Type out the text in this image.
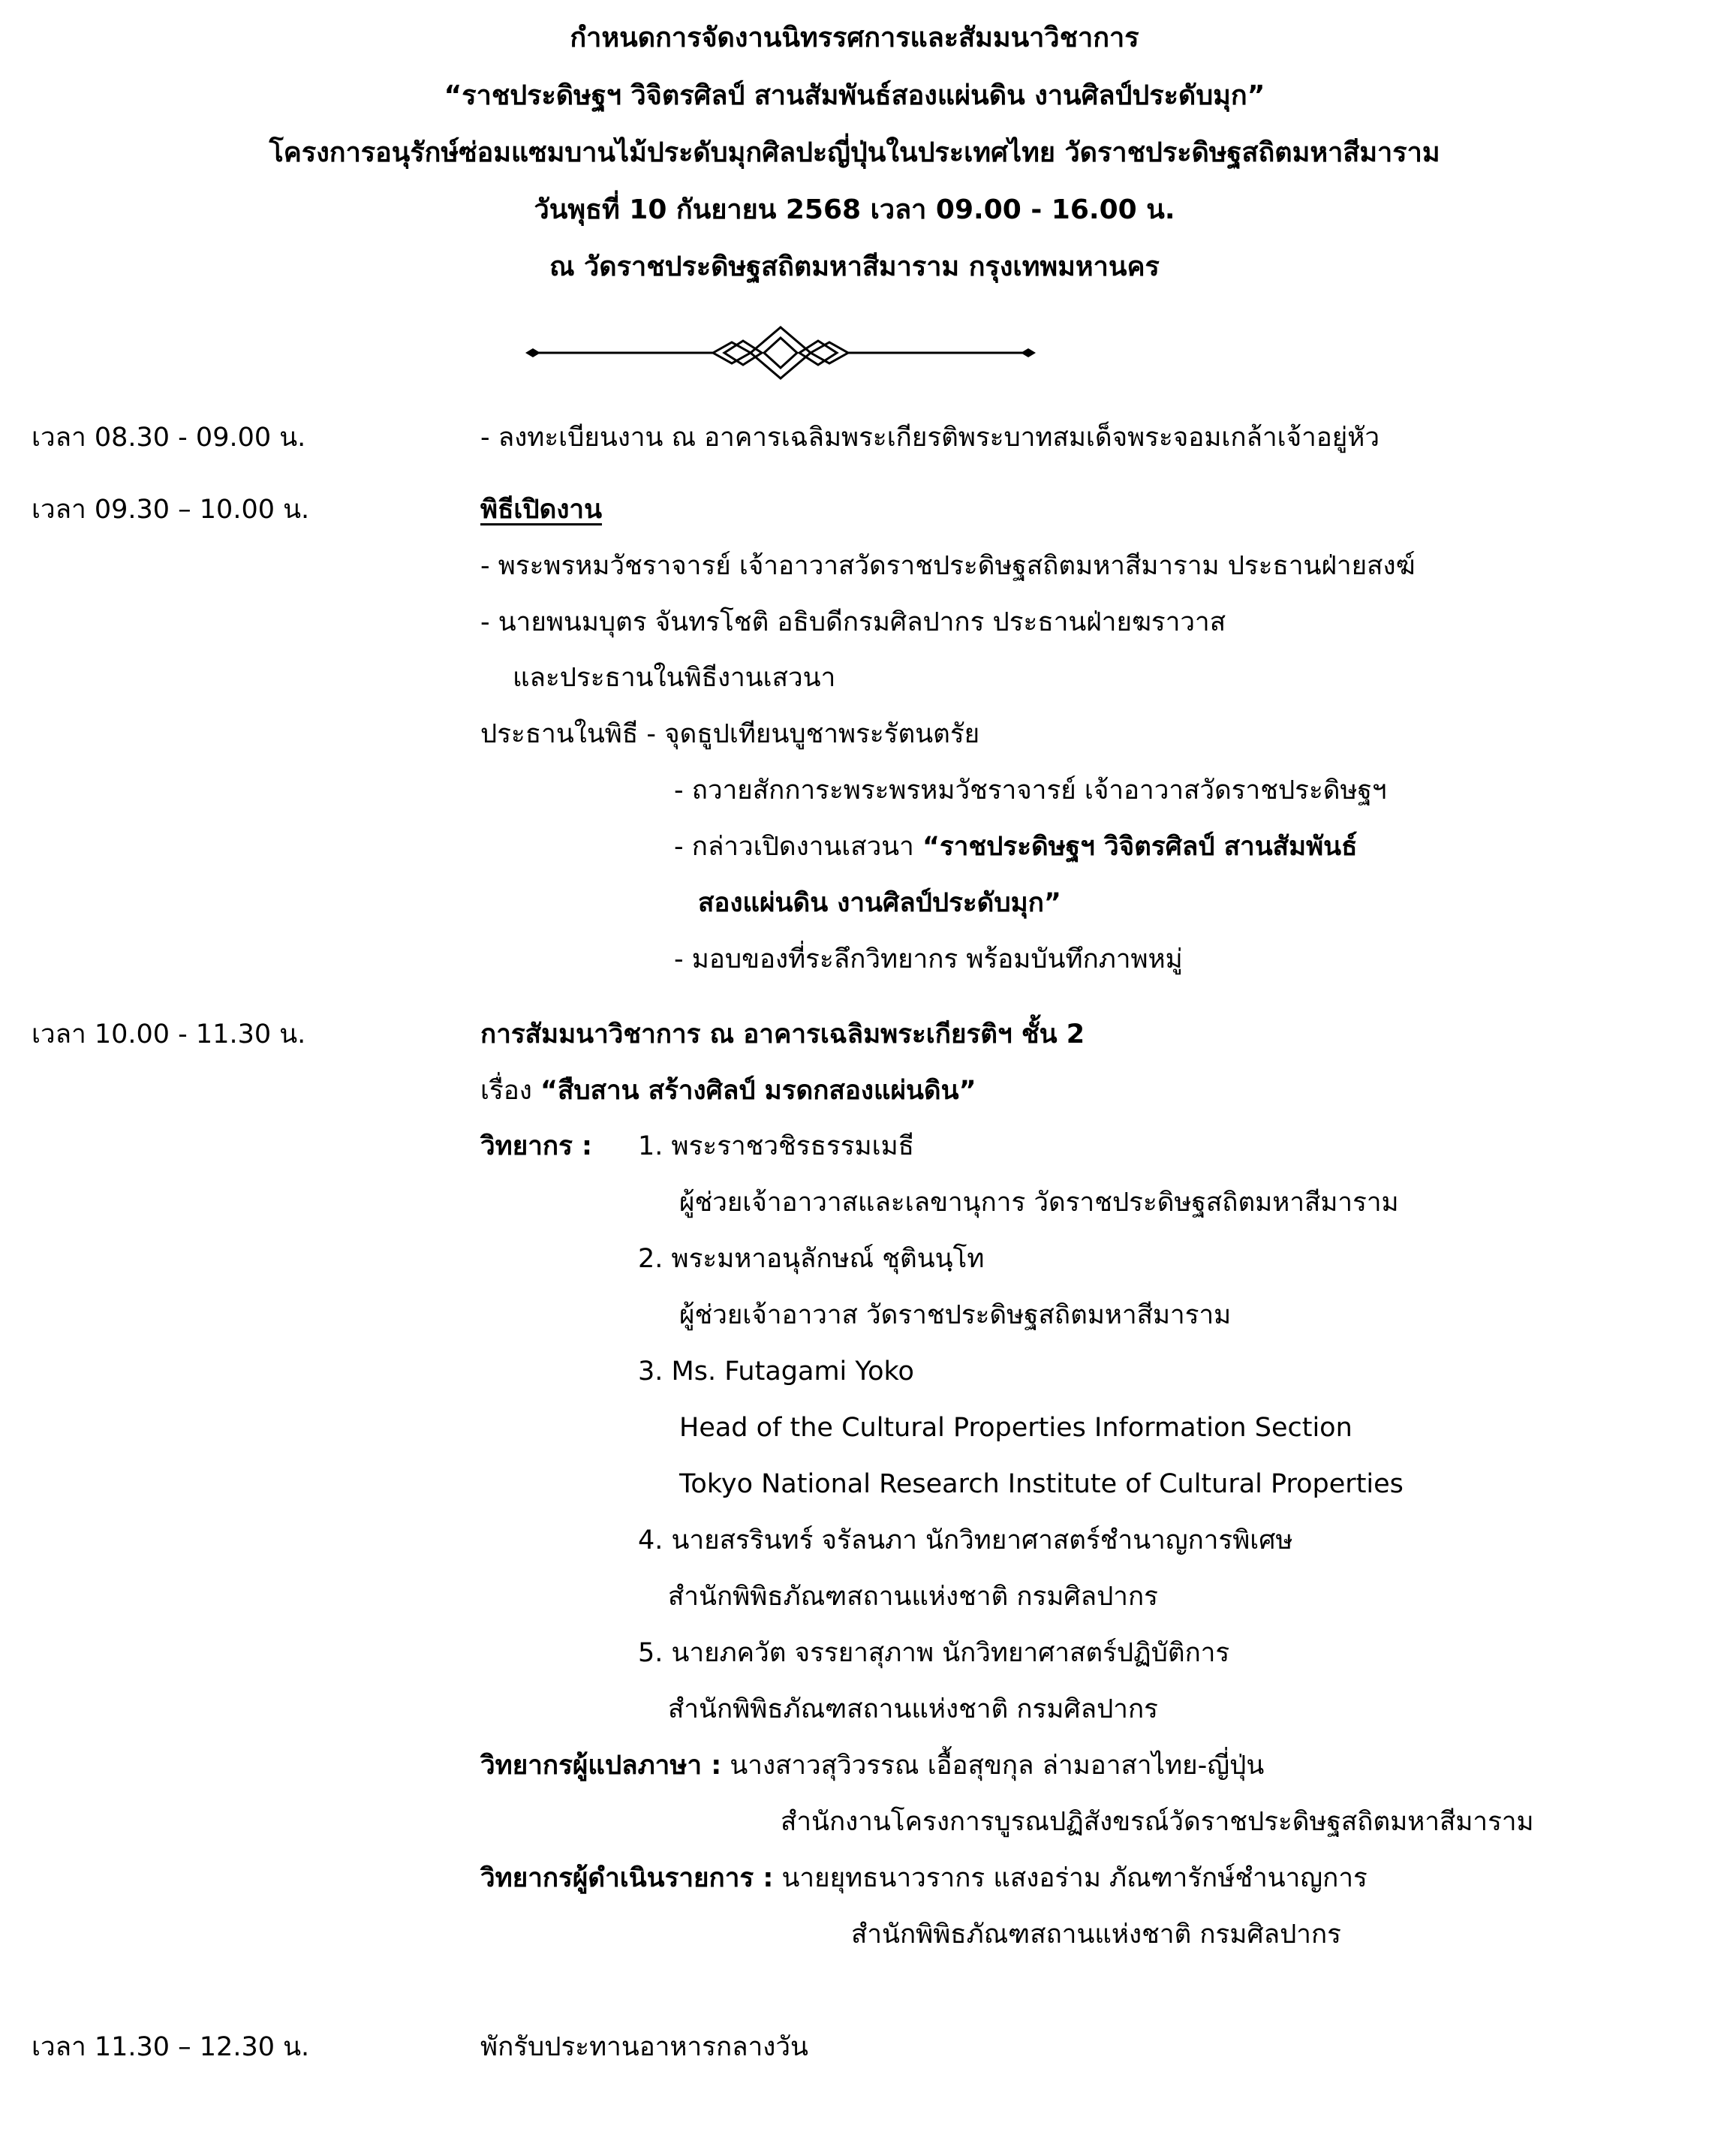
กำหนดการจัดงานนิทรรศการและสัมมนาวิชาการ
“ราชประดิษฐฯ วิจิตรศิลป์ สานสัมพันธ์สองแผ่นดิน งานศิลป์ประดับมุก”
โครงการอนุรักษ์ซ่อมแซมบานไม้ประดับมุกศิลปะญี่ปุ่นในประเทศไทย วัดราชประดิษฐสถิตมหาสีมาราม
วันพุธที่ 10 กันยายน 2568 เวลา 09.00 - 16.00 น.
ณ วัดราชประดิษฐสถิตมหาสีมาราม กรุงเทพมหานคร
เวลา 08.30 - 09.00 น.	- ลงทะเบียนงาน ณ อาคารเฉลิมพระเกียรติพระบาทสมเด็จพระจอมเกล้าเจ้าอยู่หัว
เวลา 09.30 – 10.00 น.	พิธีเปิดงาน
- พระพรหมวัชราจารย์ เจ้าอาวาสวัดราชประดิษฐสถิตมหาสีมาราม ประธานฝ่ายสงฆ์
- นายพนมบุตร จันทรโชติ อธิบดีกรมศิลปากร ประธานฝ่ายฆราวาส
และประธานในพิธีงานเสวนา
ประธานในพิธี - จุดธูปเทียนบูชาพระรัตนตรัย
- ถวายสักการะพระพรหมวัชราจารย์ เจ้าอาวาสวัดราชประดิษฐฯ
- กล่าวเปิดงานเสวนา “ราชประดิษฐฯ วิจิตรศิลป์ สานสัมพันธ์
สองแผ่นดิน งานศิลป์ประดับมุก”
- มอบของที่ระลึกวิทยากร พร้อมบันทึกภาพหมู่
เวลา 10.00 - 11.30 น.	การสัมมนาวิชาการ ณ อาคารเฉลิมพระเกียรติฯ ชั้น 2
เรื่อง “สืบสาน สร้างศิลป์ มรดกสองแผ่นดิน”
วิทยากร : 1. พระราชวชิรธรรมเมธี
ผู้ช่วยเจ้าอาวาสและเลขานุการ วัดราชประดิษฐสถิตมหาสีมาราม
2. พระมหาอนุลักษณ์ ชุตินนฺโท
ผู้ช่วยเจ้าอาวาส วัดราชประดิษฐสถิตมหาสีมาราม
3. Ms. Futagami Yoko
Head of the Cultural Properties Information Section
Tokyo National Research Institute of Cultural Properties
4. นายสรรินทร์ จรัลนภา นักวิทยาศาสตร์ชำนาญการพิเศษ
สำนักพิพิธภัณฑสถานแห่งชาติ กรมศิลปากร
5. นายภควัต จรรยาสุภาพ นักวิทยาศาสตร์ปฏิบัติการ
สำนักพิพิธภัณฑสถานแห่งชาติ กรมศิลปากร
วิทยากรผู้แปลภาษา : นางสาวสุวิวรรณ เอื้อสุขกุล ล่ามอาสาไทย-ญี่ปุ่น
สำนักงานโครงการบูรณปฏิสังขรณ์วัดราชประดิษฐสถิตมหาสีมาราม
วิทยากรผู้ดำเนินรายการ : นายยุทธนาวรากร แสงอร่าม ภัณฑารักษ์ชำนาญการ
สำนักพิพิธภัณฑสถานแห่งชาติ กรมศิลปากร
เวลา 11.30 – 12.30 น.	พักรับประทานอาหารกลางวัน
